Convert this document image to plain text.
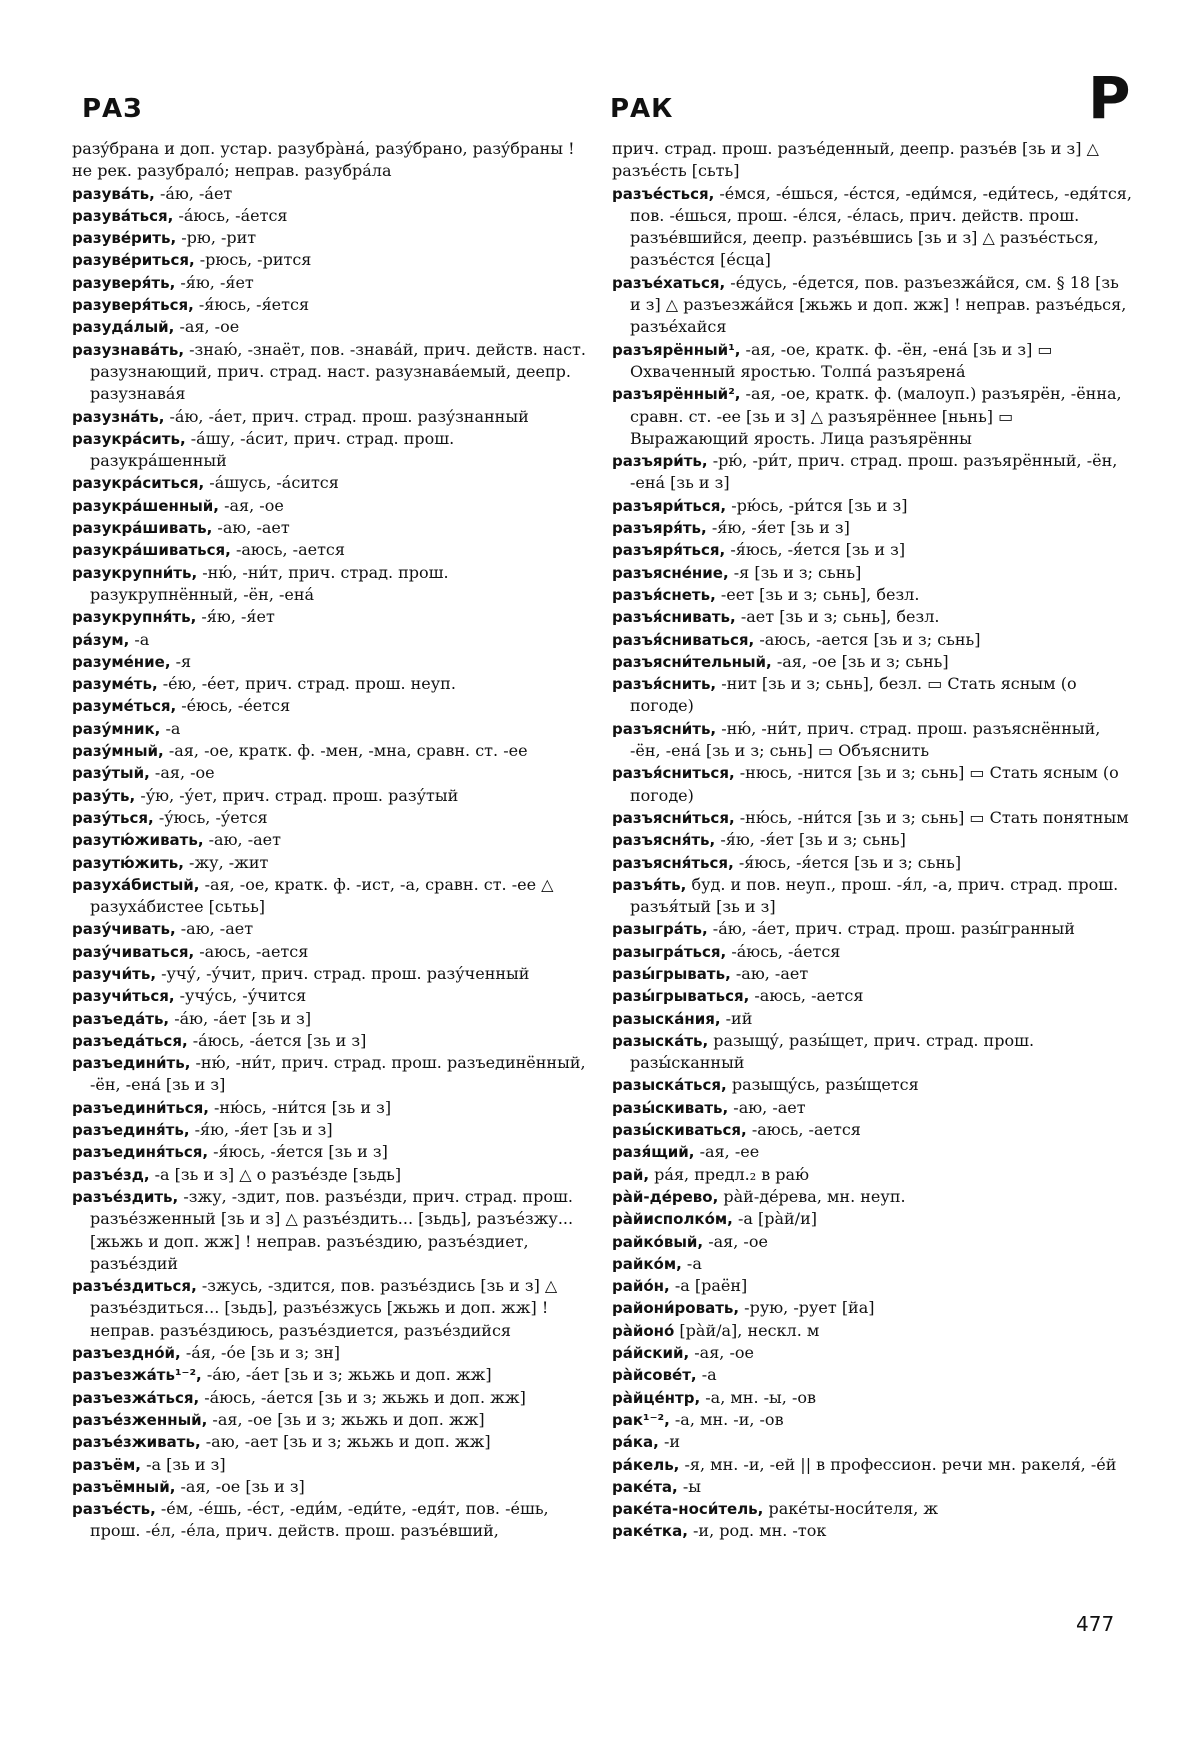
РАЗ	РАК	Р

разýбрана и доп. устар. разубрàна́, разýбрано, разýбраны ! не рек. разубрало́; неправ. разубра́ла

разува́ть, -а́ю, -а́ет

разува́ться, -а́юсь, -а́ется

разуве́рить, -рю, -рит

разуве́риться, -рюсь, -рится

разуверя́ть, -я́ю, -я́ет

разуверя́ться, -я́юсь, -я́ется

разуда́лый, -ая, -ое

разузнава́ть, -знаю́, -знаёт, пов. -знава́й, прич. действ. наст. разузнающий, прич. страд. наст. разузнава́емый, деепр. разузнава́я

разузна́ть, -а́ю, -а́ет, прич. страд. прош. разýзнанный

разукра́сить, -а́шу, -а́сит, прич. страд. прош. разукра́шенный

разукра́ситься, -а́шусь, -а́сится

разукра́шенный, -ая, -ое

разукра́шивать, -аю, -ает

разукра́шиваться, -аюсь, -ается

разукрупни́ть, -ню́, -ни́т, прич. страд. прош. разукрупнённый, -ён, -ена́

разукрупня́ть, -я́ю, -я́ет

ра́зум, -а

разуме́ние, -я

разуме́ть, -е́ю, -е́ет, прич. страд. прош. неуп.

разуме́ться, -е́юсь, -е́ется

разу́мник, -а

разу́мный, -ая, -ое, кратк. ф. -мен, -мна, сравн. ст. -ее

разу́тый, -ая, -ое

разу́ть, -у́ю, -у́ет, прич. страд. прош. разу́тый

разу́ться, -у́юсь, -у́ется

разутю́живать, -аю, -ает

разутю́жить, -жу, -жит

разуха́бистый, -ая, -ое, кратк. ф. -ист, -а, сравн. ст. -ее △ разуха́бистее [cьтьь]

разу́чивать, -аю, -ает

разу́чиваться, -аюсь, -ается

разучи́ть, -учу́, -у́чит, прич. страд. прош. разу́ченный

разучи́ться, -учу́сь, -у́чится

разъеда́ть, -а́ю, -а́ет [зь и з]

разъеда́ться, -а́юсь, -а́ется [зь и з]

разъедини́ть, -ню́, -ни́т, прич. страд. прош. разъединённый, -ён, -ена́ [зь и з]

разъедини́ться, -ню́сь, -ни́тся [зь и з]

разъединя́ть, -я́ю, -я́ет [зь и з]

разъединя́ться, -я́юсь, -я́ется [зь и з]

разъе́зд, -а [зь и з] △ о разъе́зде [зьдь]

разъе́здить, -зжу, -здит, пов. разъе́зди, прич. страд. прош. разъе́зженный [зь и з] △ разъе́здить... [зьдь], разъе́зжу... [жьжь и доп. жж] ! неправ. разъе́здию, разъе́здиет, разъе́здий

разъе́здиться, -зжусь, -здится, пов. разъе́здись [зь и з] △ разъе́здиться... [зьдь], разъе́зжусь [жьжь и доп. жж] ! неправ. разъе́здиюсь, разъе́здиется, разъе́здийся

разъездно́й, -а́я, -о́е [зь и з; зн]

разъезжа́ть¹⁻², -а́ю, -а́ет [зь и з; жьжь и доп. жж]

разъезжа́ться, -а́юсь, -а́ется [зь и з; жьжь и доп. жж]

разъе́зженный, -ая, -ое [зь и з; жьжь и доп. жж]

разъе́зживать, -аю, -ает [зь и з; жьжь и доп. жж]

разъём, -а [зь и з]

разъёмный, -ая, -ое [зь и з]

разъе́сть, -е́м, -е́шь, -е́ст, -еди́м, -еди́те, -едя́т, пов. -е́шь, прош. -е́л, -е́ла, прич. действ. прош. разъе́вший,

прич. страд. прош. разъе́денный, деепр. разъе́в [зь и з] △ разъе́сть [сьть]

разъе́сться, -е́мся, -е́шься, -е́стся, -еди́мся, -еди́тесь, -едя́тся, пов. -е́шься, прош. -е́лся, -е́лась, прич. действ. прош. разъе́вшийся, деепр. разъе́вшись [зь и з] △ разъе́сться, разъе́стся [е́сца]

разъе́хаться, -е́дусь, -е́дется, пов. разъезжа́йся, см. § 18 [зь и з] △ разъезжа́йся [жьжь и доп. жж] ! неправ. разъе́дься, разъе́хайся

разъярённый¹, -ая, -ое, кратк. ф. -ён, -ена́ [зь и з] ▭ Охваченный яростью. Толпа́ разъярена́

разъярённый², -ая, -ое, кратк. ф. (малоуп.) разъярён, -ённа, сравн. ст. -ее [зь и з] △ разъярённее [ньнь] ▭ Выражающий ярость. Лица разъярённы

разъяри́ть, -рю́, -ри́т, прич. страд. прош. разъярённый, -ён, -ена́ [зь и з]

разъяри́ться, -рю́сь, -ри́тся [зь и з]

разъяря́ть, -я́ю, -я́ет [зь и з]

разъяря́ться, -я́юсь, -я́ется [зь и з]

разъясне́ние, -я [зь и з; сьнь]

разъя́снеть, -еет [зь и з; сьнь], безл.

разъя́снивать, -ает [зь и з; сьнь], безл.

разъя́сниваться, -аюсь, -ается [зь и з; сьнь]

разъясни́тельный, -ая, -ое [зь и з; сьнь]

разъя́снить, -нит [зь и з; сьнь], безл. ▭ Стать ясным (о погоде)

разъясни́ть, -ню́, -ни́т, прич. страд. прош. разъяснённый, -ён, -ена́ [зь и з; сьнь] ▭ Объяснить

разъя́сниться, -нюсь, -нится [зь и з; сьнь] ▭ Стать ясным (о погоде)

разъясни́ться, -ню́сь, -ни́тся [зь и з; сьнь] ▭ Стать понятным

разъясня́ть, -я́ю, -я́ет [зь и з; сьнь]

разъясня́ться, -я́юсь, -я́ется [зь и з; сьнь]

разъя́ть, буд. и пов. неуп., прош. -я́л, -а, прич. страд. прош. разъя́тый [зь и з]

разыгра́ть, -а́ю, -а́ет, прич. страд. прош. разы́гранный

разыгра́ться, -а́юсь, -а́ется

разы́грывать, -аю, -ает

разы́грываться, -аюсь, -ается

разыска́ния, -ий

разыска́ть, разыщу́, разы́щет, прич. страд. прош. разы́сканный

разыска́ться, разыщу́сь, разы́щется

разы́скивать, -аю, -ает

разы́скиваться, -аюсь, -ается

разя́щий, -ая, -ее

рай, ра́я, предл.₂ в раю́

ра̀й-де́рево, ра̀й-де́рева, мн. неуп.

ра̀йисполко́м, -а [ра̀й/и]

райко́вый, -ая, -ое

райко́м, -а

райо́н, -а [раён]

райони́ровать, -рую, -рует [йа]

ра̀йоно́ [ра̀й/а], нескл. м

ра́йский, -ая, -ое

ра̀йсове́т, -а

ра̀йце́нтр, -а, мн. -ы, -ов

рак¹⁻², -а, мн. -и, -ов

ра́ка, -и

ра́кель, -я, мн. -и, -ей || в профессион. речи мн. ракеля́, -е́й

ракéта, -ы

ракéта-носи́тель, ракéты-носи́теля, ж

ракéтка, -и, род. мн. -ток

477
